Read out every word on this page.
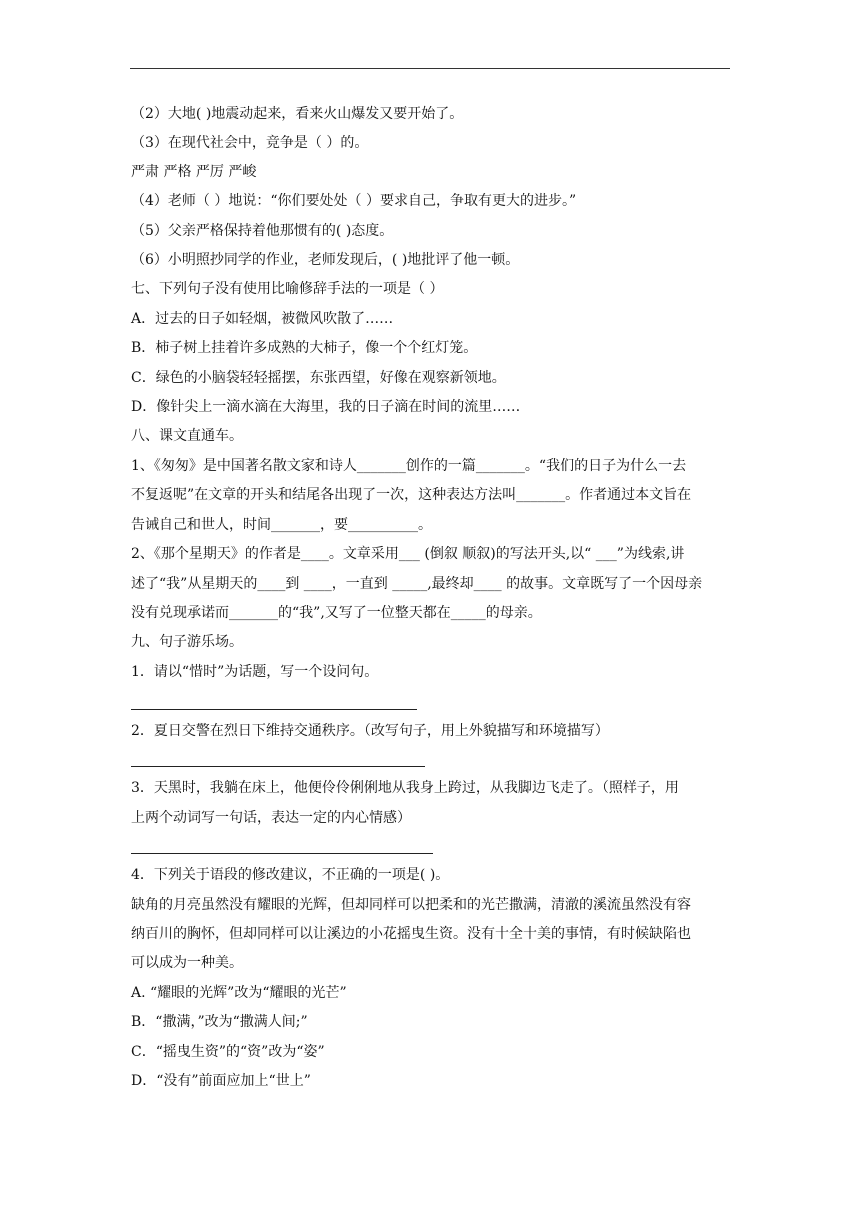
（2）大地( )地震动起来，看来火山爆发又要开始了。
（3）在现代社会中，竞争是（ ）的。
严肃 严格 严厉 严峻
（4）老师（ ）地说：“你们要处处（ ）要求自己，争取有更大的进步。”
（5）父亲严格保持着他那惯有的( )态度。
（6）小明照抄同学的作业，老师发现后，( )地批评了他一顿。
七、下列句子没有使用比喻修辞手法的一项是（ ）
A．过去的日子如轻烟，被微风吹散了……
B．柿子树上挂着许多成熟的大柿子，像一个个红灯笼。
C．绿色的小脑袋轻轻摇摆，东张西望，好像在观察新领地。
D．像针尖上一滴水滴在大海里，我的日子滴在时间的流里……
八、课文直通车。
1、《匆匆》是中国著名散文家和诗人_______创作的一篇_______。“我们的日子为什么一去
不复返呢”在文章的开头和结尾各出现了一次，这种表达方法叫_______。作者通过本文旨在
告诫自己和世人，时间_______，要__________。
2、《那个星期天》的作者是____。文章采用___ (倒叙 顺叙)的写法开头,以“ ___”为线索,讲
述了“我”从星期天的____到 ____，一直到 _____,最终却____ 的故事。文章既写了一个因母亲
没有兑现承诺而_______的“我”,又写了一位整天都在_____的母亲。
九、句子游乐场。
1．请以“惜时”为话题，写一个设问句。
2．夏日交警在烈日下维持交通秩序。（改写句子，用上外貌描写和环境描写）
3．天黑时，我躺在床上，他便伶伶俐俐地从我身上跨过，从我脚边飞走了。（照样子，用
上两个动词写一句话，表达一定的内心情感）
4．下列关于语段的修改建议，不正确的一项是( )。
缺角的月亮虽然没有耀眼的光辉，但却同样可以把柔和的光芒撒满，清澈的溪流虽然没有容
纳百川的胸怀，但却同样可以让溪边的小花摇曳生资。没有十全十美的事情，有时候缺陷也
可以成为一种美。
A. “耀眼的光辉”改为“耀眼的光芒”
B．“撒满，”改为“撒满人间;”
C．“摇曳生资”的“资”改为“姿”
D．“没有”前面应加上“世上”
